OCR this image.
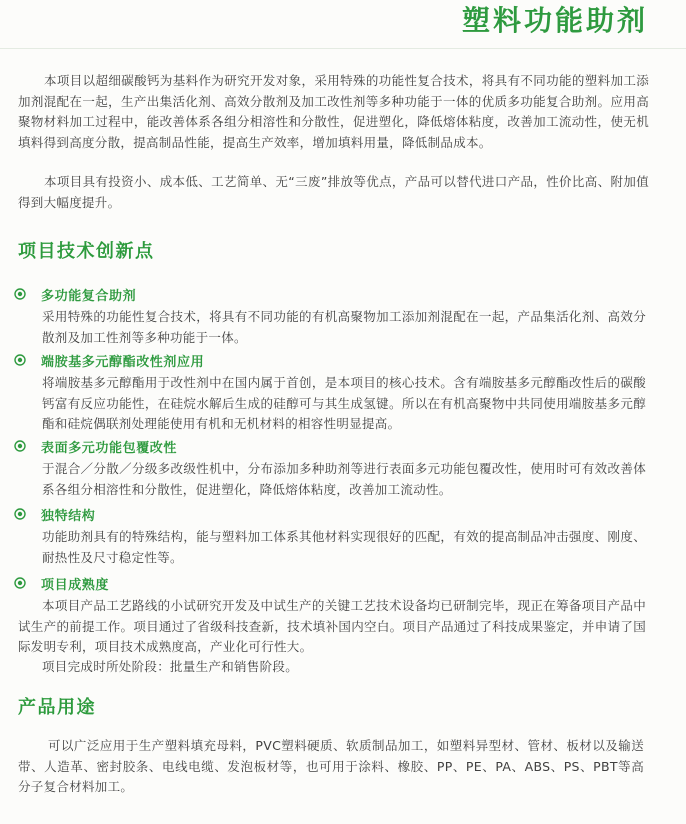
塑料功能助剂

本项目以超细碳酸钙为基料作为研究开发对象，采用特殊的功能性复合技术，将具有不同功能的塑料加工添加剂混配在一起，生产出集活化剂、高效分散剂及加工改性剂等多种功能于一体的优质多功能复合助剂。应用高聚物材料加工过程中，能改善体系各组分相溶性和分散性，促进塑化，降低熔体粘度，改善加工流动性，使无机填料得到高度分散，提高制品性能，提高生产效率，增加填料用量，降低制品成本。

本项目具有投资小、成本低、工艺简单、无“三废”排放等优点，产品可以替代进口产品，性价比高、附加值得到大幅度提升。

项目技术创新点
多功能复合助剂

采用特殊的功能性复合技术，将具有不同功能的有机高聚物加工添加剂混配在一起，产品集活化剂、高效分散剂及加工性剂等多种功能于一体。

端胺基多元醇酯改性剂应用

将端胺基多元醇酯用于改性剂中在国内属于首创，是本项目的核心技术。含有端胺基多元醇酯改性后的碳酸钙富有反应功能性，在硅烷水解后生成的硅醇可与其生成氢键。所以在有机高聚物中共同使用端胺基多元醇酯和硅烷偶联剂处理能使用有机和无机材料的相容性明显提高。

表面多元功能包覆改性

于混合／分散／分级多改级性机中，分布添加多种助剂等进行表面多元功能包覆改性，使用时可有效改善体系各组分相溶性和分散性，促进塑化，降低熔体粘度，改善加工流动性。

独特结构

功能助剂具有的特殊结构，能与塑料加工体系其他材料实现很好的匹配，有效的提高制品冲击强度、刚度、耐热性及尺寸稳定性等。

项目成熟度

本项目产品工艺路线的小试研究开发及中试生产的关键工艺技术设备均已研制完毕，现正在筹备项目产品中试生产的前提工作。项目通过了省级科技查新，技术填补国内空白。项目产品通过了科技成果鉴定，并申请了国际发明专利，项目技术成熟度高，产业化可行性大。

项目完成时所处阶段：批量生产和销售阶段。

产品用途

可以广泛应用于生产塑料填充母料，PVC塑料硬质、软质制品加工，如塑料异型材、管材、板材以及输送带、人造革、密封胶条、电线电缆、发泡板材等，也可用于涂料、橡胶、PP、PE、PA、ABS、PS、PBT等高分子复合材料加工。
